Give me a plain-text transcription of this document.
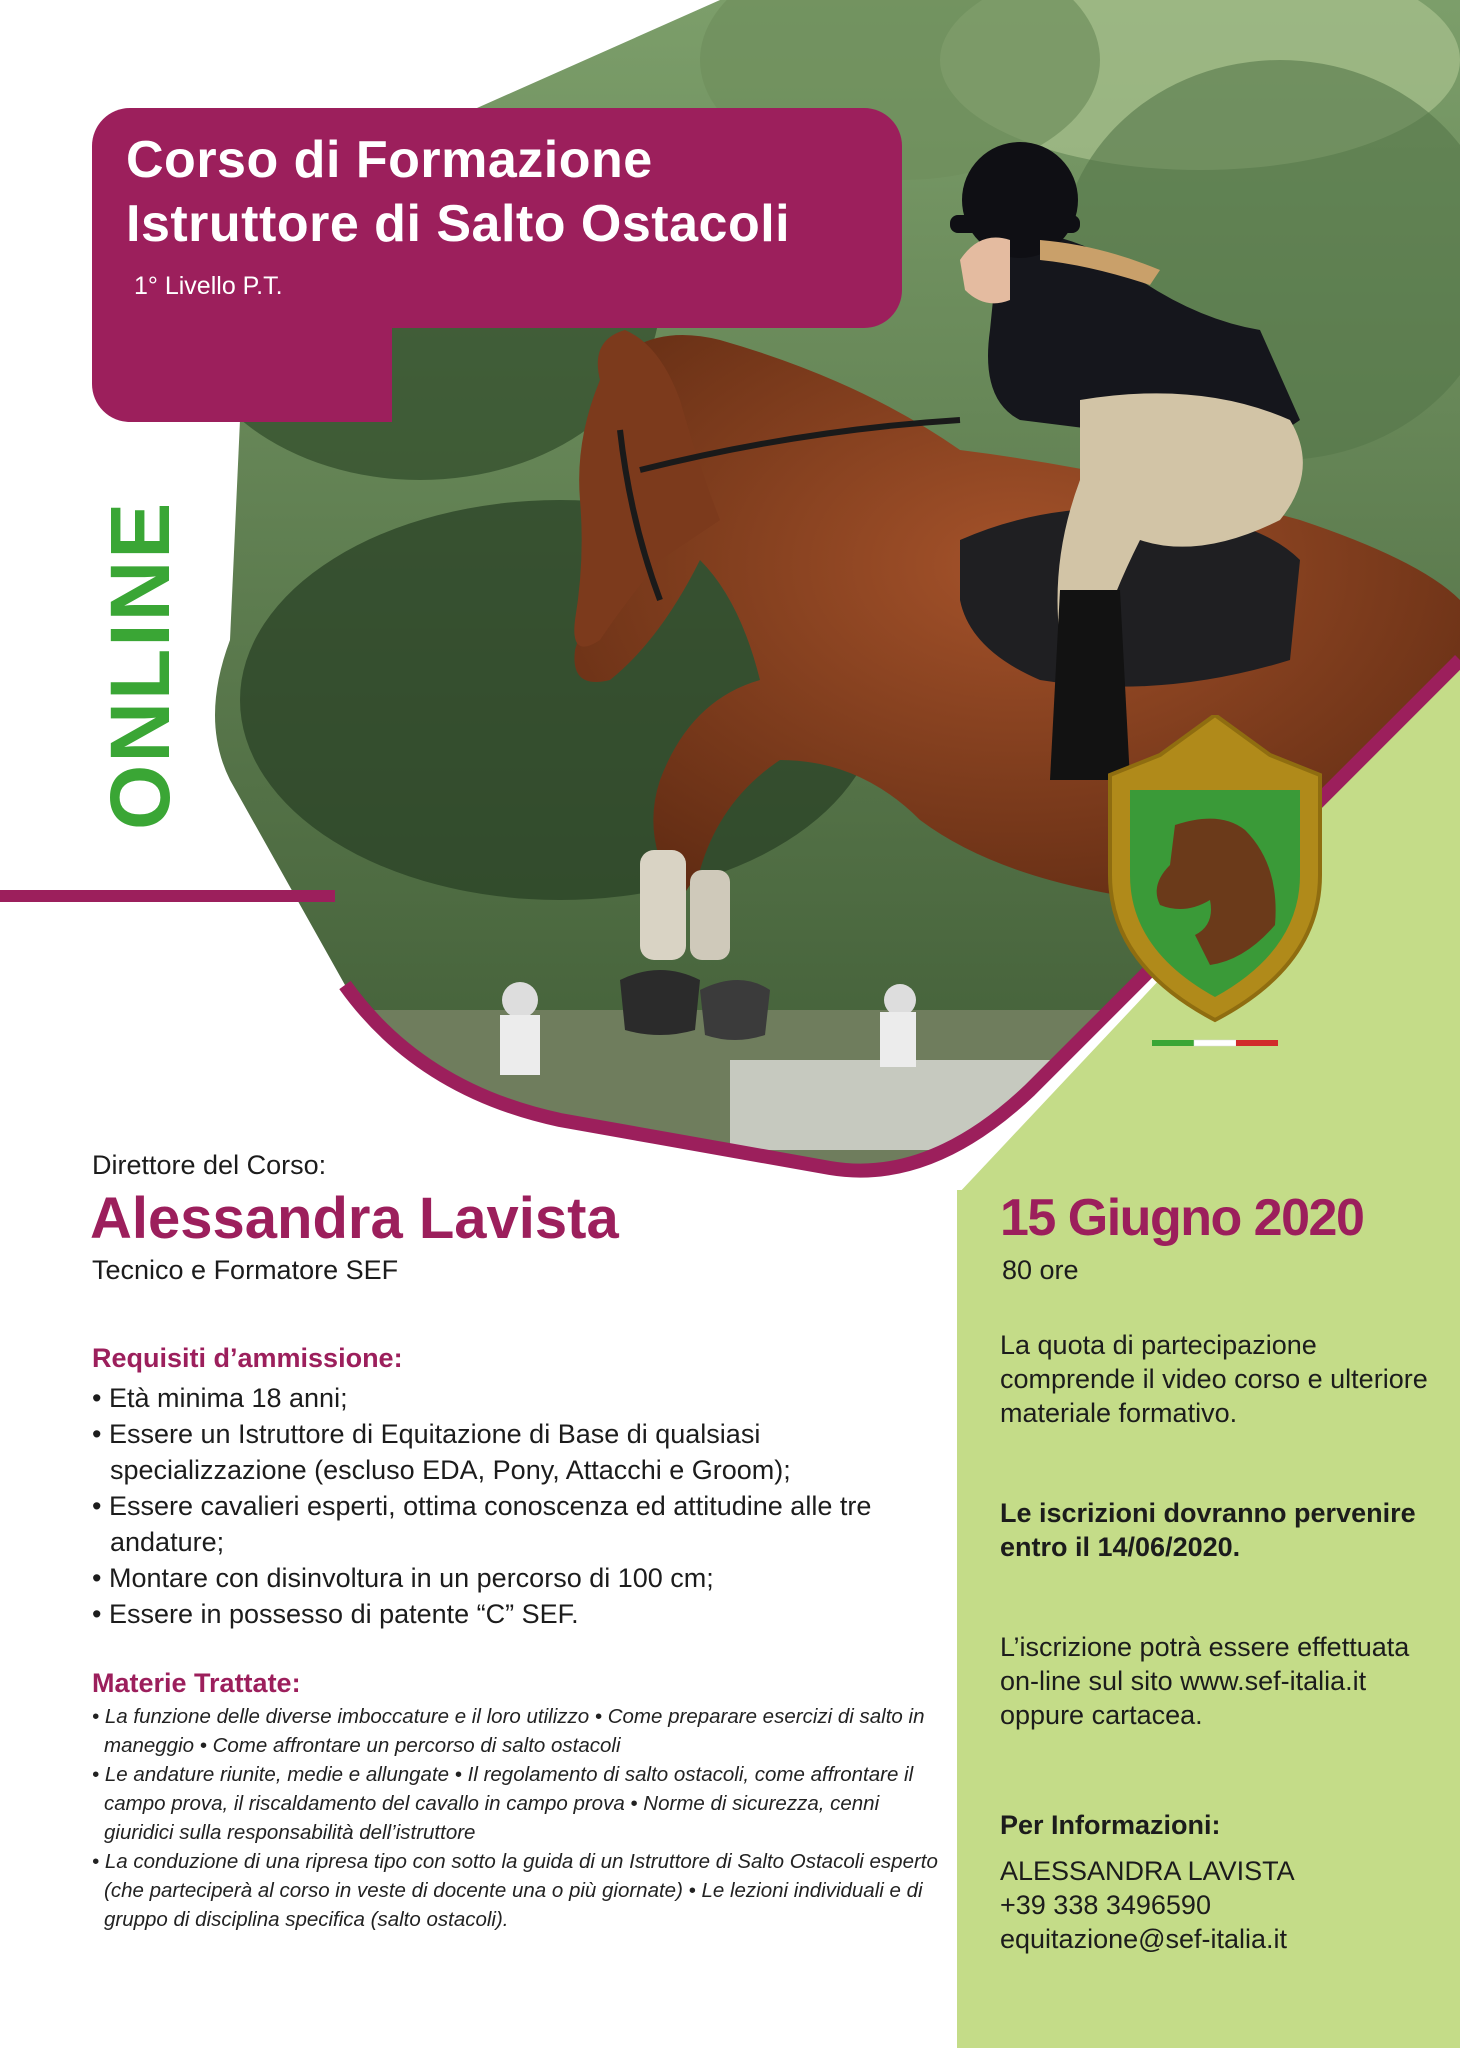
Corso di Formazione
Istruttore di Salto Ostacoli
1° Livello P.T.
ONLINE
Direttore del Corso:
Alessandra Lavista
Tecnico e Formatore SEF
Requisiti d’ammissione:
• Età minima 18 anni;
• Essere un Istruttore di Equitazione di Base di qualsiasi specializzazione (escluso EDA, Pony, Attacchi e Groom);
• Essere cavalieri esperti, ottima conoscenza ed attitudine alle tre andature;
• Montare con disinvoltura in un percorso di 100 cm;
• Essere in possesso di patente “C” SEF.
Materie Trattate:
• La funzione delle diverse imboccature e il loro utilizzo • Come preparare esercizi di salto in maneggio • Come affrontare un percorso di salto ostacoli
• Le andature riunite, medie e allungate • Il regolamento di salto ostacoli, come affrontare il campo prova, il riscaldamento del cavallo in campo prova • Norme di sicurezza, cenni giuridici sulla responsabilità dell’istruttore
• La conduzione di una ripresa tipo con sotto la guida di un Istruttore di Salto Ostacoli esperto (che parteciperà al corso in veste di docente una o più giornate) • Le lezioni individuali e di gruppo di disciplina specifica (salto ostacoli).
15 Giugno 2020
80 ore
La quota di partecipazione comprende il video corso e ulteriore materiale formativo.
Le iscrizioni dovranno pervenire entro il 14/06/2020.
L’iscrizione potrà essere effettuata on-line sul sito www.sef-italia.it oppure cartacea.
Per Informazioni:
ALESSANDRA LAVISTA
+39 338 3496590
equitazione@sef-italia.it
